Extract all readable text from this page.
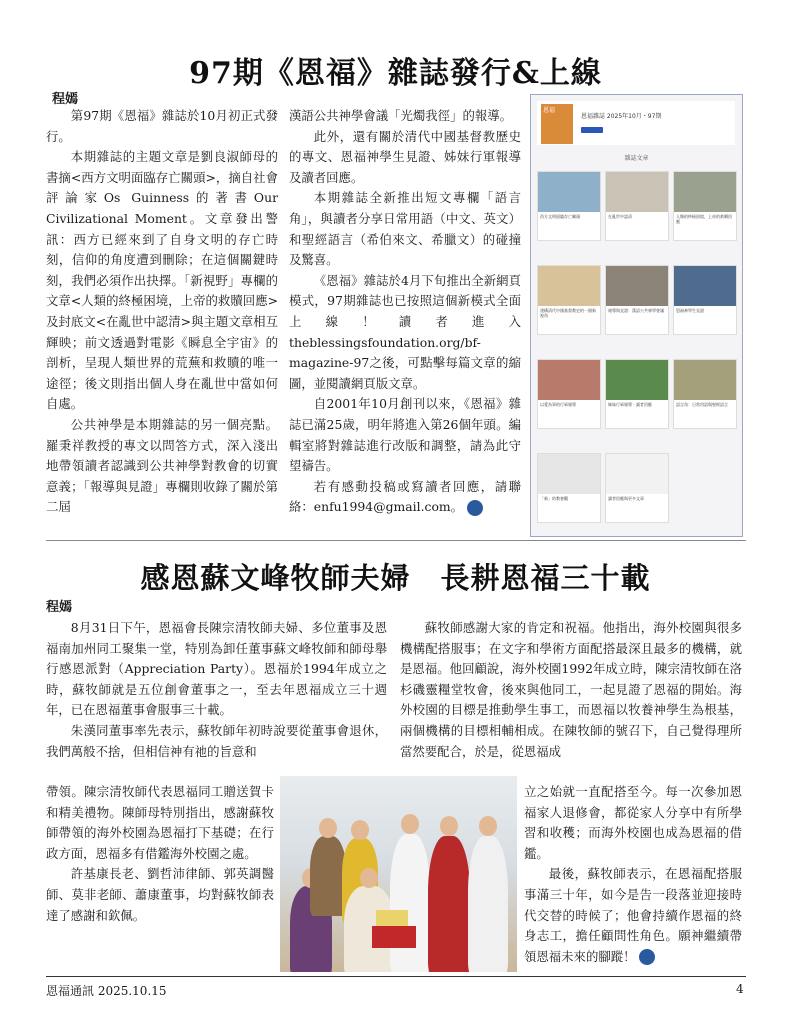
97期《恩福》雜誌發行&上線
程嫣

第97期《恩福》雜誌於10月初正式發行。

本期雜誌的主題文章是劉良淑師母的書摘<西方文明面臨存亡關頭>，摘自社會評論家Os Guinness的著書Our Civilizational Moment。文章發出警訊：西方已經來到了自身文明的存亡時刻，信仰的角度遭到刪除；在這個關鍵時刻，我們必須作出抉擇。「新視野」專欄的文章<人類的終極困境，上帝的救贖回應>及封底文<在亂世中認清>與主題文章相互輝映；前文透過對電影《瞬息全宇宙》的剖析，呈現人類世界的荒蕪和救贖的唯一途徑；後文則指出個人身在亂世中當如何自處。

公共神學是本期雜誌的另一個亮點。羅秉祥教授的專文以問答方式，深入淺出地帶領讀者認識到公共神學對教會的切實意義；「報導與見證」專欄則收錄了關於第二屆

漢語公共神學會議「光燭我徑」的報導。

此外，還有關於清代中國基督教歷史的專文、恩福神學生見證、姊妹行軍報導及讀者回應。

本期雜誌全新推出短文專欄「語言角」，與讀者分享日常用語（中文、英文）和聖經語言（希伯來文、希臘文）的碰撞及驚喜。

《恩福》雜誌於4月下旬推出全新網頁模式，97期雜誌也已按照這個新模式全面上線！讀者進入theblessingsfoundation.org/bf-magazine-97之後，可點擊每篇文章的縮圖，並閱讀網頁版文章。

自2001年10月創刊以來，《恩福》雜誌已滿25歲，明年將進入第26個年頭。編輯室將對雜誌進行改版和調整，請為此守望禱告。

若有感動投稿或寫讀者回應，請聯絡：enfu1994@gmail.com。	EF

恩福
恩福雜誌 2025年10月・97期
雜誌文章
西方文明面臨存亡關頭	在亂世中認清	人類的終極困境，上帝的救贖回應
建構清代中國基督教史的一個新視角
報導與見證：漢語公共神學會議	恩福神學生見證
以愛為事的行軍報導	姊妹行軍報導 · 讀者回應	語言角：日常用語與聖經語言
「新」的教會觀	讀者回應與更多文章
感恩蘇文峰牧師夫婦　長耕恩福三十載
程嫣

8月31日下午，恩福會長陳宗清牧師夫婦、多位董事及恩福南加州同工聚集一堂，特別為卸任董事蘇文峰牧師和師母舉行感恩派對（Appreciation Party）。恩福於1994年成立之時，蘇牧師就是五位創會董事之一，至去年恩福成立三十週年，已在恩福董事會服事三十載。

朱漢同董事率先表示，蘇牧師年初時說要從董事會退休，我們萬般不捨，但相信神有祂的旨意和

帶領。陳宗清牧師代表恩福同工贈送賀卡和精美禮物。陳師母特別指出，感謝蘇牧師帶領的海外校園為恩福打下基礎；在行政方面，恩福多有借鑑海外校園之處。

許基康長老、劉哲沛律師、郭英調醫師、莫非老師、蕭康董事，均對蘇牧師表達了感謝和欽佩。

蘇牧師感謝大家的肯定和祝福。他指出，海外校園與很多機構配搭服事；在文字和學術方面配搭最深且最多的機構，就是恩福。他回顧說，海外校園1992年成立時，陳宗清牧師在洛杉磯靈糧堂牧會，後來與他同工，一起見證了恩福的開始。海外校園的目標是推動學生事工，而恩福以牧養神學生為根基，兩個機構的目標相輔相成。在陳牧師的號召下，自己覺得理所當然要配合，於是，從恩福成

立之始就一直配搭至今。每一次參加恩福家人退修會，都從家人分享中有所學習和收穫；而海外校園也成為恩福的借鑑。

最後，蘇牧師表示，在恩福配搭服事滿三十年，如今是告一段落並迎接時代交替的時候了；他會持續作恩福的終身志工，擔任顧問性角色。願神繼續帶領恩福未來的腳蹤！	EF

恩福通訊 2025.10.15	4
